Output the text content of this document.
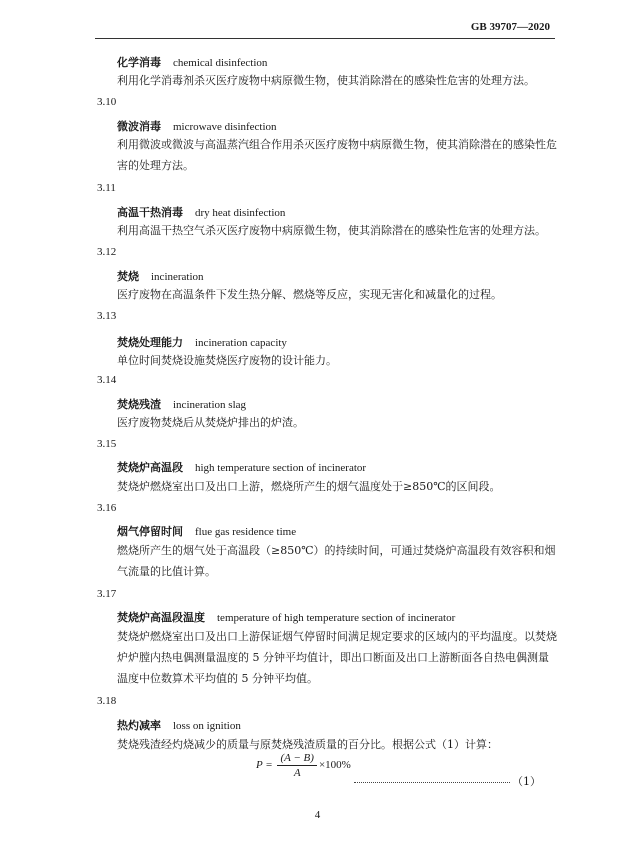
GB 39707—2020
化学消毒 chemical disinfection
利用化学消毒剂杀灭医疗废物中病原微生物，使其消除潜在的感染性危害的处理方法。
3.10
微波消毒 microwave disinfection
利用微波或微波与高温蒸汽组合作用杀灭医疗废物中病原微生物，使其消除潜在的感染性危害的处理方法。
3.11
高温干热消毒 dry heat disinfection
利用高温干热空气杀灭医疗废物中病原微生物，使其消除潜在的感染性危害的处理方法。
3.12
焚烧 incineration
医疗废物在高温条件下发生热分解、燃烧等反应，实现无害化和减量化的过程。
3.13
焚烧处理能力 incineration capacity
单位时间焚烧设施焚烧医疗废物的设计能力。
3.14
焚烧残渣 incineration slag
医疗废物焚烧后从焚烧炉排出的炉渣。
3.15
焚烧炉高温段 high temperature section of incinerator
焚烧炉燃烧室出口及出口上游，燃烧所产生的烟气温度处于≥850℃的区间段。
3.16
烟气停留时间 flue gas residence time
燃烧所产生的烟气处于高温段（≥850℃）的持续时间，可通过焚烧炉高温段有效容积和烟气流量的比值计算。
3.17
焚烧炉高温段温度 temperature of high temperature section of incinerator
焚烧炉燃烧室出口及出口上游保证烟气停留时间满足规定要求的区域内的平均温度。以焚烧炉炉膛内热电偶测量温度的 5 分钟平均值计，即出口断面及出口上游断面各自热电偶测量温度中位数算术平均值的 5 分钟平均值。
3.18
热灼减率 loss on ignition
焚烧残渣经灼烧减少的质量与原焚烧残渣质量的百分比。根据公式（1）计算：
$P = \frac{(A - B)}{A} \times 100\%$
（1）
4
